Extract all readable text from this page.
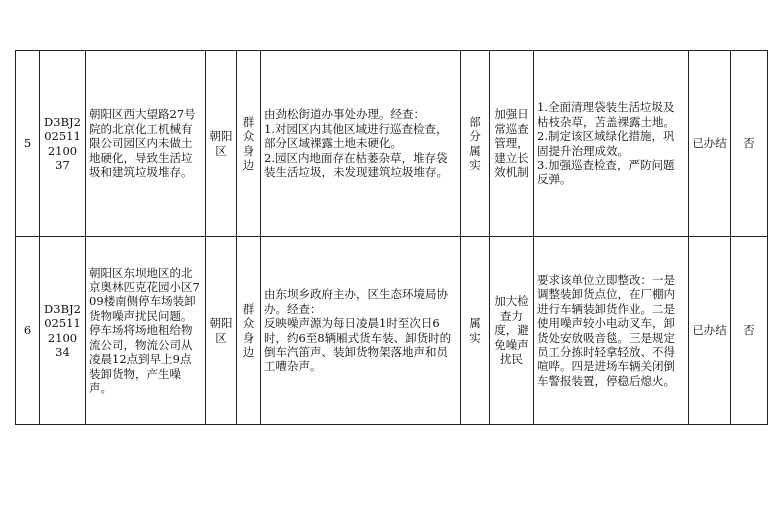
5	D3BJ2025112100 37	朝阳区西大望路27号院的北京化工机械有限公司园区内未做土地硬化，导致生活垃圾和建筑垃圾堆存。	朝阳区	群众身边	由劲松街道办事处办理。经查：
1.对园区内其他区域进行巡查检查，部分区域裸露土地未硬化。
2.园区内地面存在枯萎杂草，堆存袋装生活垃圾，未发现建筑垃圾堆存。	部分属实	加强日常巡查管理，建立长效机制	1.全面清理袋装生活垃圾及枯枝杂草，苫盖裸露土地。
2.制定该区域绿化措施，巩固提升治理成效。
3.加强巡查检查，严防问题反弹。	已办结	否
6	D3BJ2025112100 34	朝阳区东坝地区的北京奥林匹克花园小区709楼南侧停车场装卸货物噪声扰民问题。停车场将场地租给物流公司，物流公司从凌晨12点到早上9点装卸货物，产生噪声。	朝阳区	群众身边	由东坝乡政府主办，区生态环境局协办。经查：
反映噪声源为每日凌晨1时至次日6时，约6至8辆厢式货车装、卸货时的倒车汽笛声、装卸货物架落地声和员工嘈杂声。	属实	加大检查力度，避免噪声扰民	要求该单位立即整改：一是调整装卸货点位，在厂棚内进行车辆装卸货作业。二是使用噪声较小电动叉车，卸货处安放吸音毯。三是规定员工分拣时轻拿轻放、不得喧哗。四是进场车辆关闭倒车警报装置，停稳后熄火。	已办结	否
